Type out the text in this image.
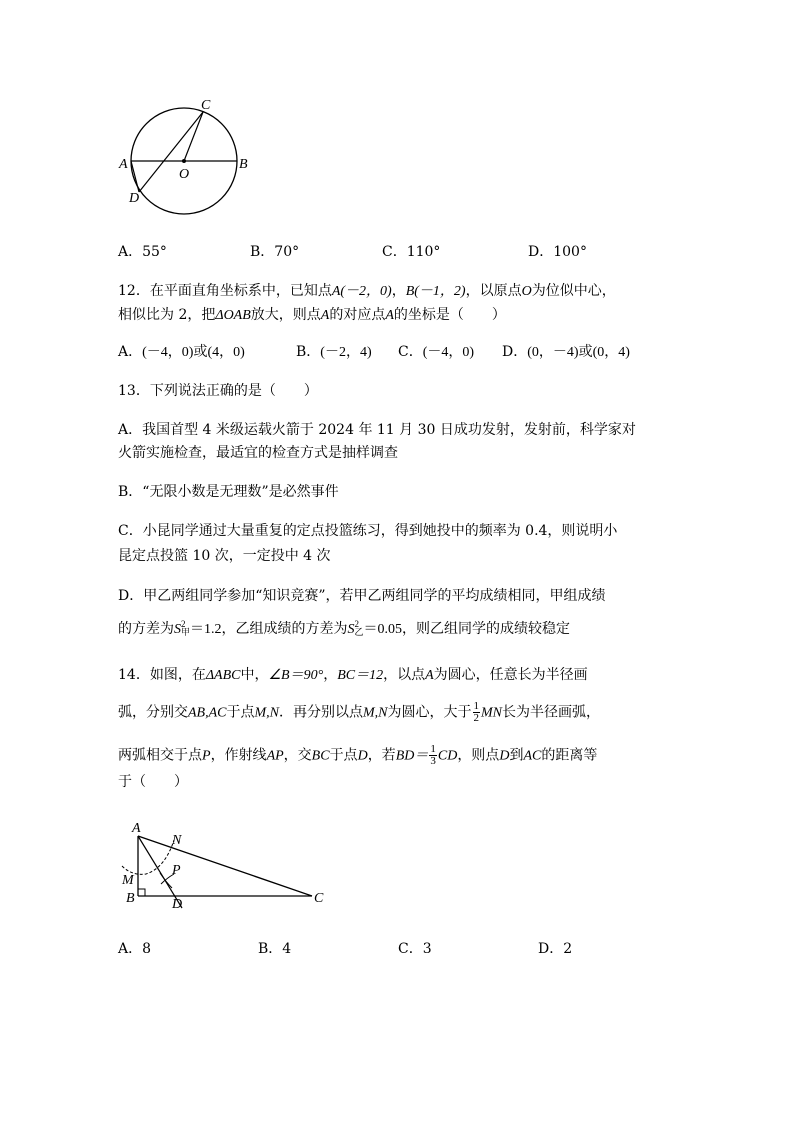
C
A	B
O
D
A．55°	B．70°	C．110°	D．100°
12．在平面直角坐标系中，已知点A(－2，0)，B(－1，2)，以原点O为位似中心，
相似比为 2，把ΔOAB放大，则点A的对应点A的坐标是（　　）
A．(－4，0)或(4，0)	B．(－2，4) C．(－4，0) D．(0，－4)或(0，4)
13．下列说法正确的是（　　）
A．我国首型 4 米级运载火箭于 2024 年 11 月 30 日成功发射，发射前，科学家对
火箭实施检查，最适宜的检查方式是抽样调查
B．“无限小数是无理数”是必然事件
C．小昆同学通过大量重复的定点投篮练习，得到她投中的频率为 0.4，则说明小
昆定点投篮 10 次，一定投中 4 次
D．甲乙两组同学参加“知识竞赛”，若甲乙两组同学的平均成绩相同，甲组成绩
的方差为S 2
甲 ＝1.2，乙组成绩的方差为S 2
乙 ＝0.05，则乙组同学的成绩较稳定
14．如图，在ΔABC中，∠B＝90°，BC＝12，以点A为圆心，任意长为半径画
弧，分别交AB,AC于点M,N．再分别以点M,N为圆心，大于 $\frac{1}{2}$ MN长为半径画弧，
两弧相交于点P，作射线AP，交BC于点D，若$BD= \frac{1}{3}$ CD，则点D到AC的距离等
于（　　）
A
N
P
M
B	D	C
A．8	B．4	C．3	D．2
